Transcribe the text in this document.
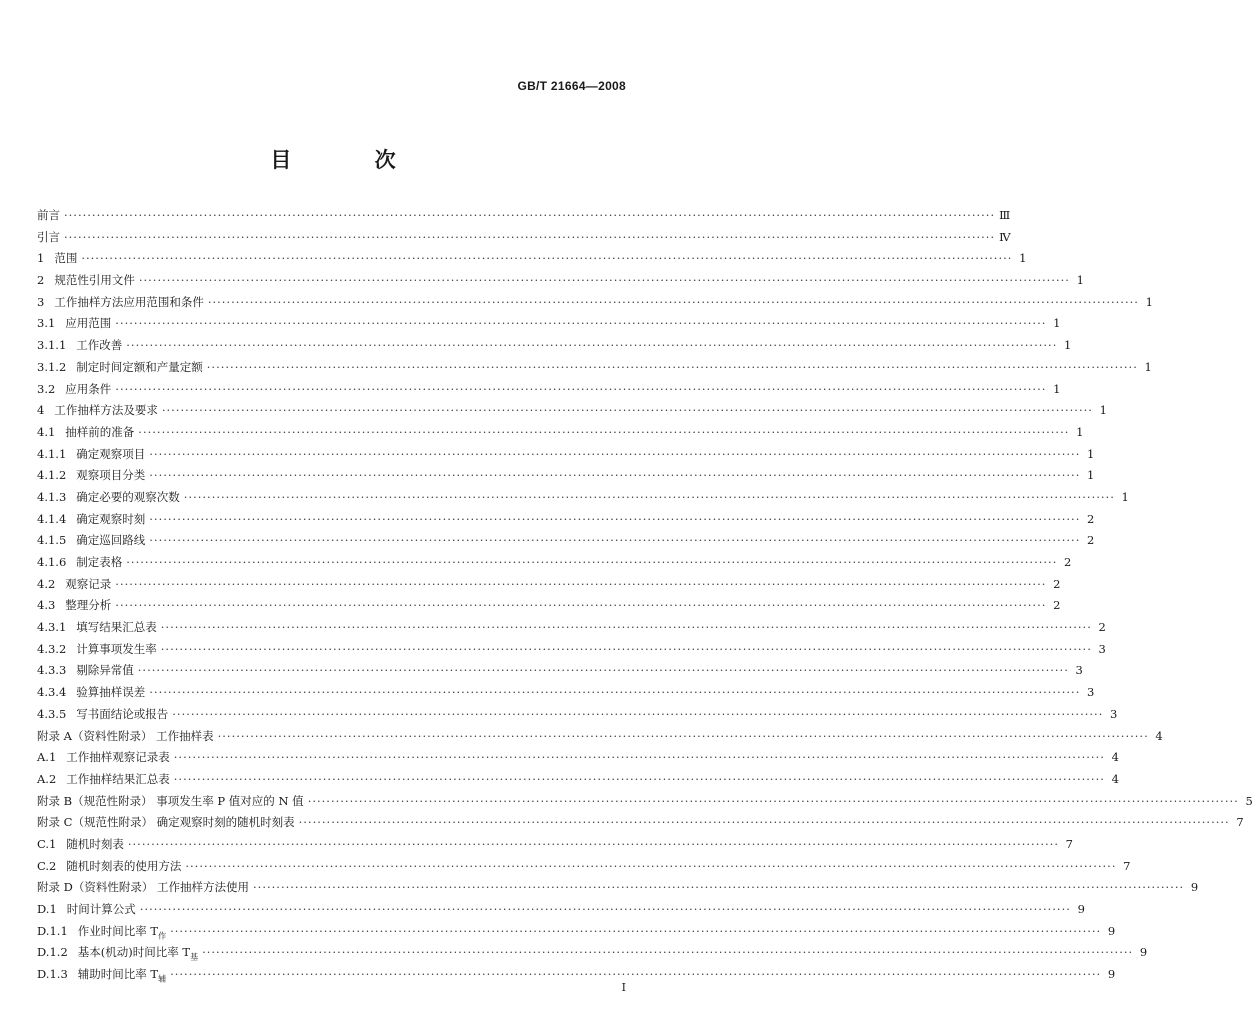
GB/T 21664—2008
目 次
前言 ········································································································································································································ Ⅲ
引言 ········································································································································································································ Ⅳ
1 范围 ········································································································································································································ 1
2 规范性引用文件 ········································································································································································································ 1
3 工作抽样方法应用范围和条件 ········································································································································································································ 1
3.1 应用范围 ········································································································································································································ 1
3.1.1 工作改善 ········································································································································································································ 1
3.1.2 制定时间定额和产量定额 ········································································································································································································ 1
3.2 应用条件 ········································································································································································································ 1
4 工作抽样方法及要求 ········································································································································································································ 1
4.1 抽样前的准备 ········································································································································································································ 1
4.1.1 确定观察项目 ········································································································································································································ 1
4.1.2 观察项目分类 ········································································································································································································ 1
4.1.3 确定必要的观察次数 ········································································································································································································ 1
4.1.4 确定观察时刻 ········································································································································································································ 2
4.1.5 确定巡回路线 ········································································································································································································ 2
4.1.6 制定表格 ········································································································································································································ 2
4.2 观察记录 ········································································································································································································ 2
4.3 整理分析 ········································································································································································································ 2
4.3.1 填写结果汇总表 ········································································································································································································ 2
4.3.2 计算事项发生率 ········································································································································································································ 3
4.3.3 剔除异常值 ········································································································································································································ 3
4.3.4 验算抽样误差 ········································································································································································································ 3
4.3.5 写书面结论或报告 ········································································································································································································ 3
附录 A（资料性附录） 工作抽样表 ········································································································································································································ 4
A.1 工作抽样观察记录表 ········································································································································································································ 4
A.2 工作抽样结果汇总表 ········································································································································································································ 4
附录 B（规范性附录） 事项发生率 P 值对应的 N 值 ········································································································································································································ 5
附录 C（规范性附录） 确定观察时刻的随机时刻表 ········································································································································································································ 7
C.1 随机时刻表 ········································································································································································································ 7
C.2 随机时刻表的使用方法 ········································································································································································································ 7
附录 D（资料性附录） 工作抽样方法使用 ········································································································································································································ 9
D.1 时间计算公式 ········································································································································································································ 9
D.1.1 作业时间比率 $T_作$ ········································································································································································································ 9
D.1.2 基本(机动)时间比率 $T_基$ ········································································································································································································ 9
D.1.3 辅助时间比率 $T_辅$ ········································································································································································································ 9
I
